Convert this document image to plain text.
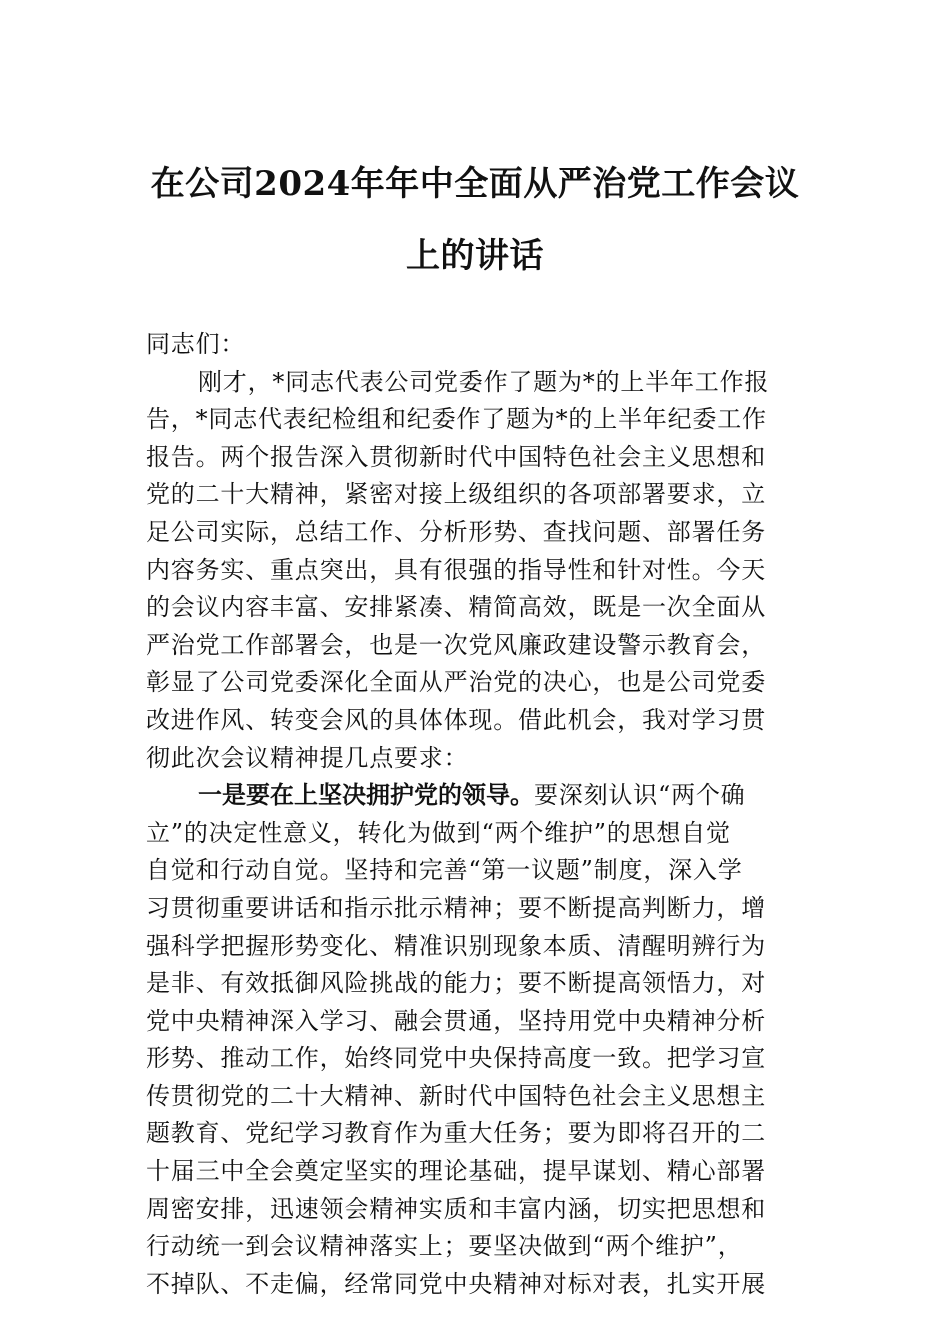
在公司2024年年中全面从严治党工作会议
上的讲话
同志们：
刚才，*同志代表公司党委作了题为*的上半年工作报
告，*同志代表纪检组和纪委作了题为*的上半年纪委工作
报告。两个报告深入贯彻新时代中国特色社会主义思想和
党的二十大精神，紧密对接上级组织的各项部署要求，立
足公司实际，总结工作、分析形势、查找问题、部署任务
内容务实、重点突出，具有很强的指导性和针对性。今天
的会议内容丰富、安排紧凑、精简高效，既是一次全面从
严治党工作部署会，也是一次党风廉政建设警示教育会，
彰显了公司党委深化全面从严治党的决心，也是公司党委
改进作风、转变会风的具体体现。借此机会，我对学习贯
彻此次会议精神提几点要求：
一是要在上坚决拥护党的领导。要深刻认识“两个确
立”的决定性意义，转化为做到“两个维护”的思想自觉
自觉和行动自觉。坚持和完善“第一议题”制度，深入学
习贯彻重要讲话和指示批示精神；要不断提高判断力，增
强科学把握形势变化、精准识别现象本质、清醒明辨行为
是非、有效抵御风险挑战的能力；要不断提高领悟力，对
党中央精神深入学习、融会贯通，坚持用党中央精神分析
形势、推动工作，始终同党中央保持高度一致。把学习宣
传贯彻党的二十大精神、新时代中国特色社会主义思想主
题教育、党纪学习教育作为重大任务；要为即将召开的二
十届三中全会奠定坚实的理论基础，提早谋划、精心部署
周密安排，迅速领会精神实质和丰富内涵，切实把思想和
行动统一到会议精神落实上；要坚决做到“两个维护”，
不掉队、不走偏，经常同党中央精神对标对表，扎实开展
